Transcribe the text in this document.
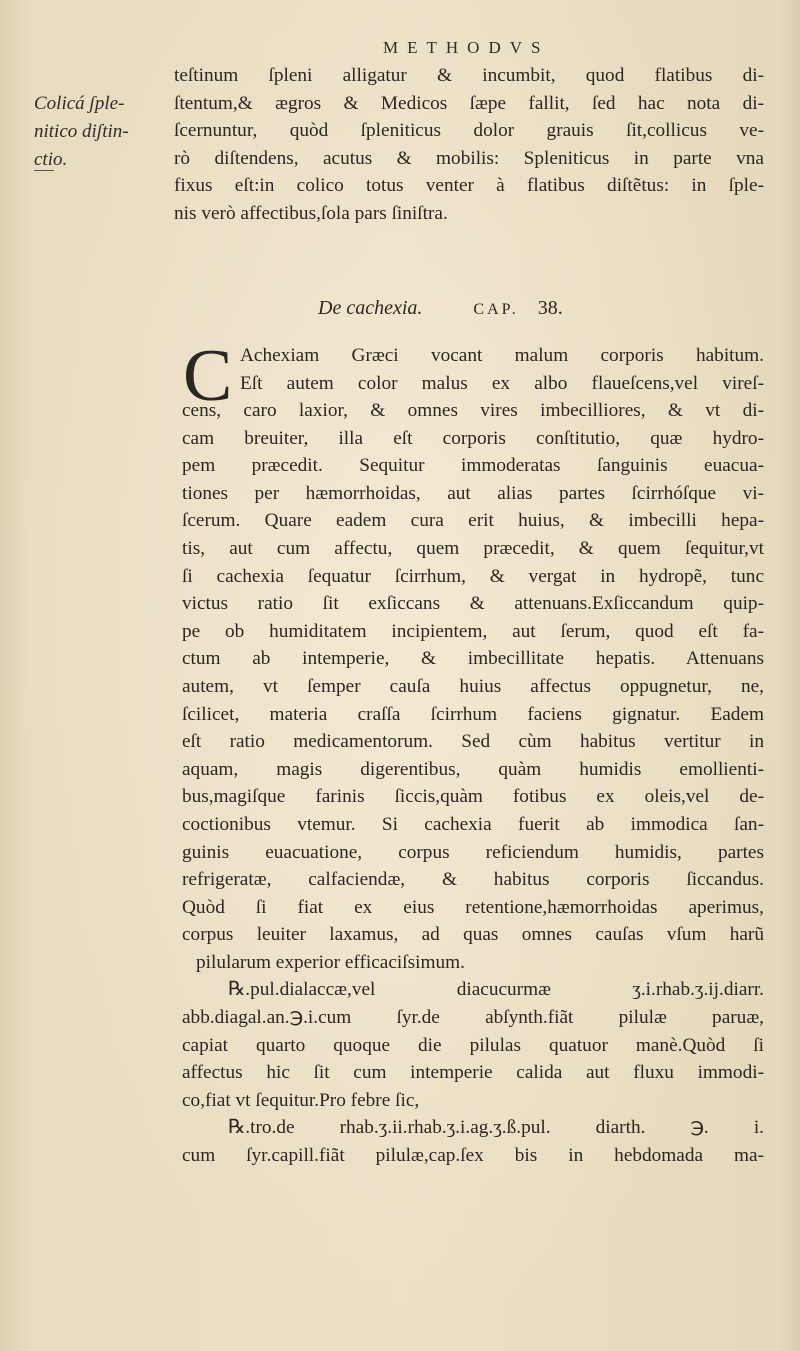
METHODVS
Colicá ʃple-
nitico diʃtin-
ctio.
teſtinum ſpleni alligatur & incumbit, quod flatibus di-
ſtentum,& ægros & Medicos ſæpe fallit, ſed hac nota di-
ſcernuntur, quòd ſpleniticus dolor grauis ſit,collicus ve-
rò diſtendens, acutus & mobilis: Spleniticus in parte vna
fixus eſt:in colico totus venter à flatibus diſtẽtus: in ſple-
nis verò affectibus,ſola pars ſiniſtra.
De cachexia.	CAP. 38.
C Achexiam Græci vocant malum corporis habitum.
Eſt autem color malus ex albo flaueſcens,vel vireſ-
cens, caro laxior, & omnes vires imbecilliores, & vt di-
cam breuiter, illa eſt corporis conſtitutio, quæ hydro-
pem præcedit. Sequitur immoderatas ſanguinis euacua-
tiones per hæmorrhoidas, aut alias partes ſcirrhóſque vi-
ſcerum. Quare eadem cura erit huius, & imbecilli hepa-
tis, aut cum affectu, quem præcedit, & quem ſequitur,vt
ſi cachexia ſequatur ſcirrhum, & vergat in hydropẽ, tunc
victus ratio ſit exſiccans & attenuans.Exſiccandum quip-
pe ob humiditatem incipientem, aut ſerum, quod eſt fa-
ctum ab intemperie, & imbecillitate hepatis. Attenuans
autem, vt ſemper cauſa huius affectus oppugnetur, ne,
ſcilicet, materia craſſa ſcirrhum faciens gignatur. Eadem
eſt ratio medicamentorum. Sed cùm habitus vertitur in
aquam, magis digerentibus, quàm humidis emollienti-
bus,magiſque farinis ſiccis,quàm fotibus ex oleis,vel de-
coctionibus vtemur. Si cachexia fuerit ab immodica ſan-
guinis euacuatione, corpus reficiendum humidis, partes
refrigeratæ, calfaciendæ, & habitus corporis ſiccandus.
Quòd ſi fiat ex eius retentione,hæmorrhoidas aperimus,
corpus leuiter laxamus, ad quas omnes cauſas vſum harũ
pilularum experior efficaciſsimum.
℞.pul.dialaccæ,vel diacucurmæ ʒ.i.rhab.ʒ.ij.diarr.
abb.diagal.an.℈.i.cum ſyr.de abſynth.fiãt pilulæ paruæ,
capiat quarto quoque die pilulas quatuor manè.Quòd ſi
affectus hic ſit cum intemperie calida aut fluxu immodi-
co,fiat vt ſequitur.Pro febre ſic,
℞.tro.de rhab.ʒ.ii.rhab.ʒ.i.ag.ʒ.ß.pul. diarth. ℈. i.
cum ſyr.capill.fiãt pilulæ,cap.ſex bis in hebdomada ma-
